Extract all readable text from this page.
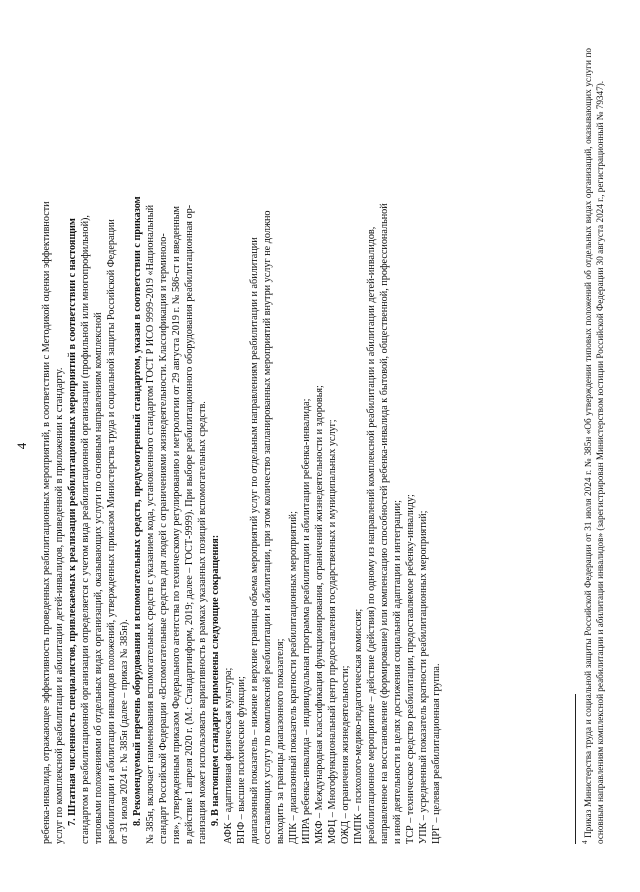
4 ребенка-инвалида, отражающее эффективность проведенных реабилитационных мероприятий, в соответствии с Методикой оценки эффективности услуг по комплексной реабилитации и абилитации детей-инвалидов, приведенной в приложении к стандарту. 7. Штатная численность специалистов, привлекаемых к реализации реабилитационных мероприятий в соответствии с настоящим стандартом в реабилитационной организации определяется с учетом вида реабилитационной организации (профильной или многопрофильной), типовыми положениями об отдельных видах организаций, оказывающих услуги по основным направлениям комплексной реабилитации и абилитации инвалидов положений, утвержденных приказом Министерства труда и социальной защиты Российской Федерации от 31 июля 2024 г. № 385н (далее – приказ № 385н). 8. Рекомендуемый перечень оборудования и вспомогательных средств, предусмотренный стандартом, указан в соответствии с приказом № 385н, включает наименования вспомогательных средств с указанием кода, установленного стандартом ГОСТ Р ИСО 9999-2019 «Национальный стандарт Российской Федерации «Вспомогательные средства для людей с ограничениями жизнедеятельности. Классификация и терминоло- гия», утвержденным приказом Федерального агентства по техническому регулированию и метрологии от 29 августа 2019 г. № 586-ст и введенным в действие 1 апреля 2020 г. (М.: Стандартинформ, 2019; далее – ГОСТ-9999). При выборе реабилитационного оборудования реабилитационная ор- ганизация может использовать вариативность в рамках указанных позиций вспомогательных средств. 9. В настоящем стандарте применены следующие сокращения: АФК – адаптивная физическая культура; ВПФ – высшие психические функции; диапазонный показатель – нижние и верхние границы объема мероприятий услуг по отдельным направлениям реабилитации и абилитации составляющих услугу по комплексной реабилитации и абилитации, при этом количество запланированных мероприятий внутри услуг не должно выходить за границы диапазонного показателя; ДПК – диапазонный показатель кратности реабилитационных мероприятий; ИПРА ребенка-инвалида – индивидуальная программа реабилитации и абилитации ребенка-инвалида; МКФ – Международная классификация функционирования, ограничений жизнедеятельности и здоровья; МФЦ – Многофункциональный центр предоставления государственных и муниципальных услуг; ОЖД – ограничения жизнедеятельности; ПМПК – психолого-медико-педагогическая комиссия; реабилитационное мероприятие – действие (действия) по одному из направлений комплексной реабилитации и абилитации детей-инвалидов, направленное на восстановление (формирование) или компенсацию способностей ребенка-инвалида к бытовой, общественной, профессиональной и иной деятельности в целях достижения социальной адаптации и интеграции; ТСР – техническое средство реабилитации, предоставляемое ребенку-инвалиду; УПК – усредненный показатель кратности реабилитационных мероприятий; ЦРГ – целевая реабилитационная группа.	$^4$ Приказ Министерства труда и социальной защиты Российской Федерации от 31 июля 2024 г. № 385н «Об утверждении типовых положений об отдельных видах организаций, оказывающих услуги по основным направлениям комплексной реабилитации и абилитации инвалидов» (зарегистрирован Министерством юстиции Российской Федерации 30 августа 2024 г., регистрационный № 79347).
